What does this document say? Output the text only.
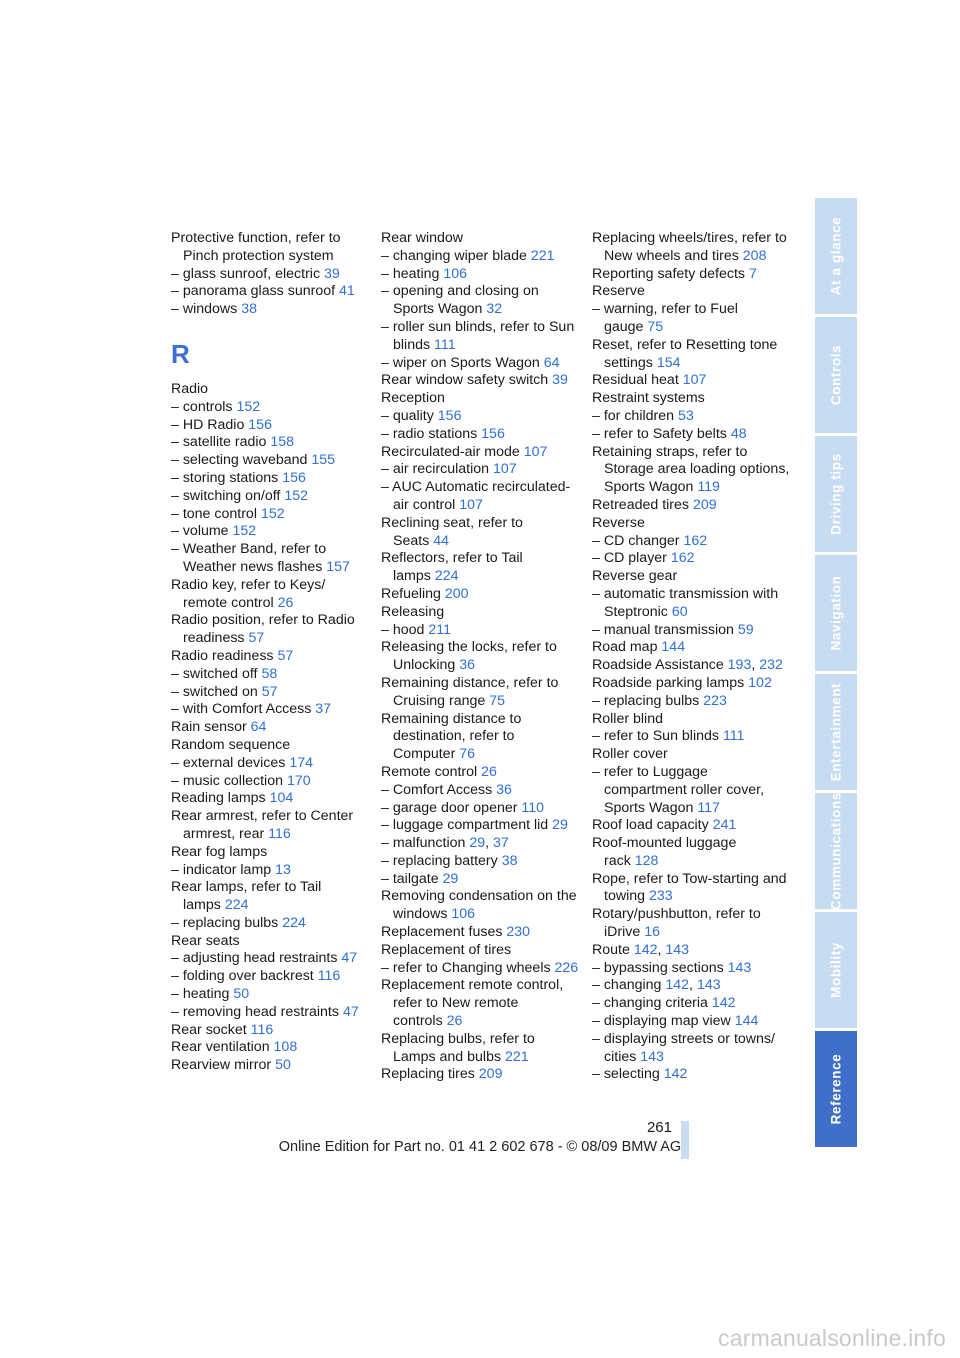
Protective function, refer to Pinch protection system
– glass sunroof, electric 39
– panorama glass sunroof 41
– windows 38
R
Radio
– controls 152
– HD Radio 156
– satellite radio 158
– selecting waveband 155
– storing stations 156
– switching on/off 152
– tone control 152
– volume 152
– Weather Band, refer to Weather news flashes 157
Radio key, refer to Keys/ remote control 26
Radio position, refer to Radio readiness 57
Radio readiness 57
– switched off 58
– switched on 57
– with Comfort Access 37
Rain sensor 64
Random sequence
– external devices 174
– music collection 170
Reading lamps 104
Rear armrest, refer to Center armrest, rear 116
Rear fog lamps
– indicator lamp 13
Rear lamps, refer to Tail lamps 224
– replacing bulbs 224
Rear seats
– adjusting head restraints 47
– folding over backrest 116
– heating 50
– removing head restraints 47
Rear socket 116
Rear ventilation 108
Rearview mirror 50
Rear window
– changing wiper blade 221
– heating 106
– opening and closing on Sports Wagon 32
– roller sun blinds, refer to Sun blinds 111
– wiper on Sports Wagon 64
Rear window safety switch 39
Reception
– quality 156
– radio stations 156
Recirculated-air mode 107
– air recirculation 107
– AUC Automatic recirculated-air control 107
Reclining seat, refer to Seats 44
Reflectors, refer to Tail lamps 224
Refueling 200
Releasing
– hood 211
Releasing the locks, refer to Unlocking 36
Remaining distance, refer to Cruising range 75
Remaining distance to destination, refer to Computer 76
Remote control 26
– Comfort Access 36
– garage door opener 110
– luggage compartment lid 29
– malfunction 29, 37
– replacing battery 38
– tailgate 29
Removing condensation on the windows 106
Replacement fuses 230
Replacement of tires
– refer to Changing wheels 226
Replacement remote control, refer to New remote controls 26
Replacing bulbs, refer to Lamps and bulbs 221
Replacing tires 209
Replacing wheels/tires, refer to New wheels and tires 208
Reporting safety defects 7
Reserve
– warning, refer to Fuel gauge 75
Reset, refer to Resetting tone settings 154
Residual heat 107
Restraint systems
– for children 53
– refer to Safety belts 48
Retaining straps, refer to Storage area loading options, Sports Wagon 119
Retreaded tires 209
Reverse
– CD changer 162
– CD player 162
Reverse gear
– automatic transmission with Steptronic 60
– manual transmission 59
Road map 144
Roadside Assistance 193, 232
Roadside parking lamps 102
– replacing bulbs 223
Roller blind
– refer to Sun blinds 111
Roller cover
– refer to Luggage compartment roller cover, Sports Wagon 117
Roof load capacity 241
Roof-mounted luggage rack 128
Rope, refer to Tow-starting and towing 233
Rotary/pushbutton, refer to iDrive 16
Route 142, 143
– bypassing sections 143
– changing 142, 143
– changing criteria 142
– displaying map view 144
– displaying streets or towns/ cities 143
– selecting 142
At a glance
Controls
Driving tips
Navigation
Entertainment
Communications
Mobility
Reference
261
Online Edition for Part no. 01 41 2 602 678 - © 08/09 BMW AG
carmanualsonline.info
